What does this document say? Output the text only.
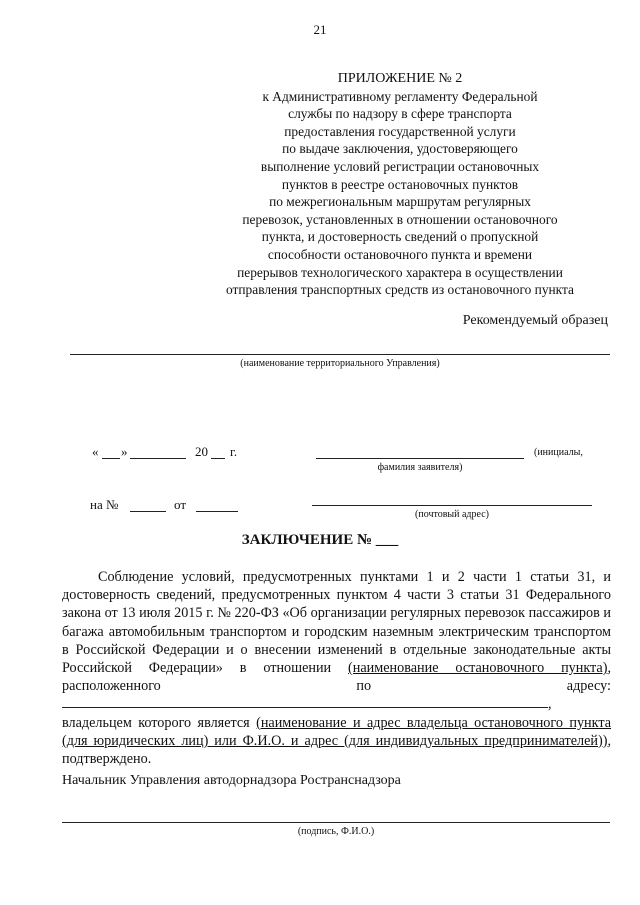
21
ПРИЛОЖЕНИЕ № 2
к Административному регламенту Федеральной
службы по надзору в сфере транспорта
предоставления государственной услуги
по выдаче заключения, удостоверяющего
выполнение условий регистрации остановочных
пунктов в реестре остановочных пунктов
по межрегиональным маршрутам регулярных
перевозок, установленных в отношении остановочного
пункта, и достоверность сведений о пропускной
способности остановочного пункта и времени
перерывов технологического характера в осуществлении
отправления транспортных средств из остановочного пункта
Рекомендуемый образец
(наименование территориального Управления)
« »	20 г.	(инициалы,
фамилия заявителя)
на №	от
(почтовый адрес)
ЗАКЛЮЧЕНИЕ № ___
Соблюдение условий, предусмотренных пунктами 1 и 2 части 1 статьи 31, и достоверность сведений, предусмотренных пунктом 4 части 3 статьи 31 Федерального закона от 13 июля 2015 г. № 220-ФЗ «Об организации регулярных перевозок пассажиров и багажа автомобильным транспортом и городским наземным электрическим транспортом в Российской Федерации и о внесении изменений в отдельные законодательные акты Российской Федерации» в отношении (наименование остановочного пункта), расположенного по адресу: , владельцем которого является (наименование и адрес владельца остановочного пункта (для юридических лиц) или Ф.И.О. и адрес (для индивидуальных предпринимателей)), подтверждено.
Начальник Управления автодорнадзора Ространснадзора
(подпись, Ф.И.О.)
